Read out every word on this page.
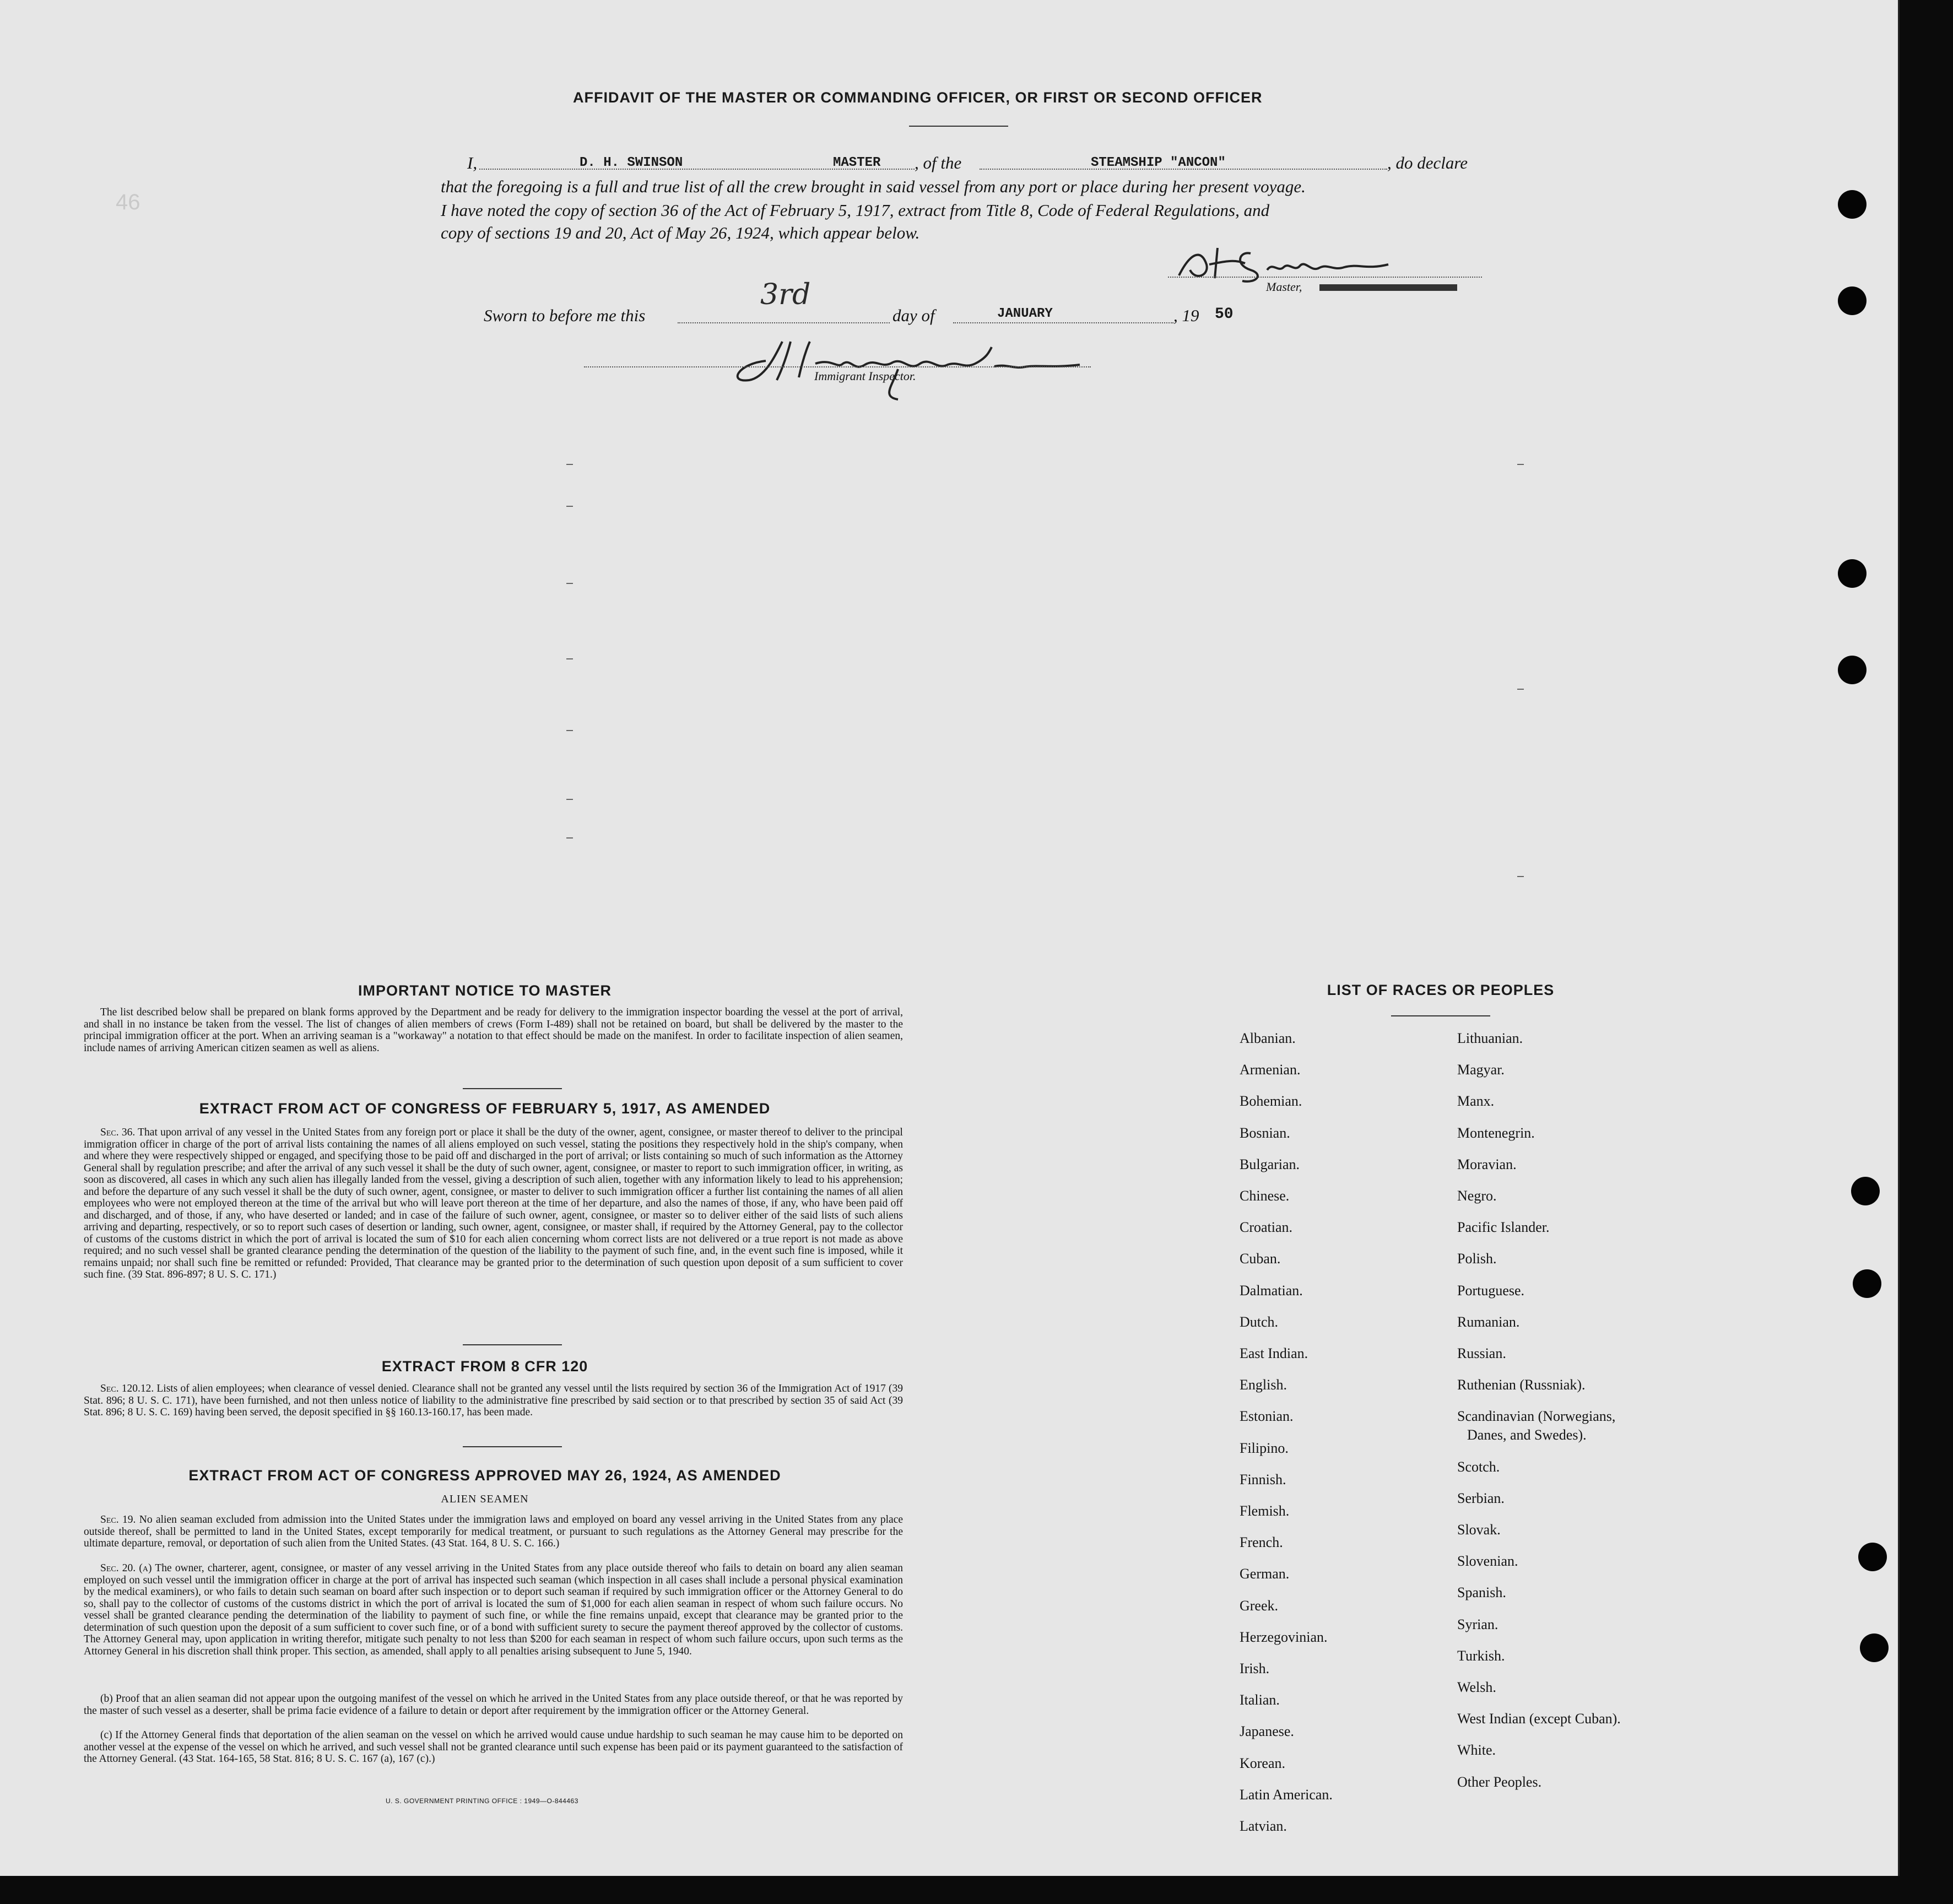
46
AFFIDAVIT OF THE MASTER OR COMMANDING OFFICER, OR FIRST OR SECOND OFFICER
I,	D. H. SWINSON	MASTER , of the	STEAMSHIP "ANCON"	, do declare
that the foregoing is a full and true list of all the crew brought in said vessel from any port or place during her present voyage.
I have noted the copy of section 36 of the Act of February 5, 1917, extract from Title 8, Code of Federal Regulations, and
copy of sections 19 and 20, Act of May 26, 1924, which appear below.
Master,
Sworn to before me this
3rd
day of	JANUARY	, 19 50
Immigrant Inspector.
IMPORTANT NOTICE TO MASTER
The list described below shall be prepared on blank forms approved by the Department and be ready for delivery to the immigration inspector boarding the vessel at the port of arrival, and shall in no instance be taken from the vessel. The list of changes of alien members of crews (Form I-489) shall not be retained on board, but shall be delivered by the master to the principal immigration officer at the port. When an arriving seaman is a "workaway" a notation to that effect should be made on the manifest. In order to facilitate inspection of alien seamen, include names of arriving American citizen seamen as well as aliens.
EXTRACT FROM ACT OF CONGRESS OF FEBRUARY 5, 1917, AS AMENDED
Sec. 36. That upon arrival of any vessel in the United States from any foreign port or place it shall be the duty of the owner, agent, consignee, or master thereof to deliver to the principal immigration officer in charge of the port of arrival lists containing the names of all aliens employed on such vessel, stating the positions they respectively hold in the ship's company, when and where they were respectively shipped or engaged, and specifying those to be paid off and discharged in the port of arrival; or lists containing so much of such information as the Attorney General shall by regulation prescribe; and after the arrival of any such vessel it shall be the duty of such owner, agent, consignee, or master to report to such immigration officer, in writing, as soon as discovered, all cases in which any such alien has illegally landed from the vessel, giving a description of such alien, together with any information likely to lead to his apprehension; and before the departure of any such vessel it shall be the duty of such owner, agent, consignee, or master to deliver to such immigration officer a further list containing the names of all alien employees who were not employed thereon at the time of the arrival but who will leave port thereon at the time of her departure, and also the names of those, if any, who have been paid off and discharged, and of those, if any, who have deserted or landed; and in case of the failure of such owner, agent, consignee, or master so to deliver either of the said lists of such aliens arriving and departing, respectively, or so to report such cases of desertion or landing, such owner, agent, consignee, or master shall, if required by the Attorney General, pay to the collector of customs of the customs district in which the port of arrival is located the sum of $10 for each alien concerning whom correct lists are not delivered or a true report is not made as above required; and no such vessel shall be granted clearance pending the determination of the question of the liability to the payment of such fine, and, in the event such fine is imposed, while it remains unpaid; nor shall such fine be remitted or refunded: Provided, That clearance may be granted prior to the determination of such question upon deposit of a sum sufficient to cover such fine. (39 Stat. 896-897; 8 U. S. C. 171.)
EXTRACT FROM 8 CFR 120
Sec. 120.12. Lists of alien employees; when clearance of vessel denied. Clearance shall not be granted any vessel until the lists required by section 36 of the Immigration Act of 1917 (39 Stat. 896; 8 U. S. C. 171), have been furnished, and not then unless notice of liability to the administrative fine prescribed by said section or to that prescribed by section 35 of said Act (39 Stat. 896; 8 U. S. C. 169) having been served, the deposit specified in §§ 160.13-160.17, has been made.
EXTRACT FROM ACT OF CONGRESS APPROVED MAY 26, 1924, AS AMENDED
ALIEN SEAMEN
Sec. 19. No alien seaman excluded from admission into the United States under the immigration laws and employed on board any vessel arriving in the United States from any place outside thereof, shall be permitted to land in the United States, except temporarily for medical treatment, or pursuant to such regulations as the Attorney General may prescribe for the ultimate departure, removal, or deportation of such alien from the United States. (43 Stat. 164, 8 U. S. C. 166.)
Sec. 20. (a) The owner, charterer, agent, consignee, or master of any vessel arriving in the United States from any place outside thereof who fails to detain on board any alien seaman employed on such vessel until the immigration officer in charge at the port of arrival has inspected such seaman (which inspection in all cases shall include a personal physical examination by the medical examiners), or who fails to detain such seaman on board after such inspection or to deport such seaman if required by such immigration officer or the Attorney General to do so, shall pay to the collector of customs of the customs district in which the port of arrival is located the sum of $1,000 for each alien seaman in respect of whom such failure occurs. No vessel shall be granted clearance pending the determination of the liability to payment of such fine, or while the fine remains unpaid, except that clearance may be granted prior to the determination of such question upon the deposit of a sum sufficient to cover such fine, or of a bond with sufficient surety to secure the payment thereof approved by the collector of customs. The Attorney General may, upon application in writing therefor, mitigate such penalty to not less than $200 for each seaman in respect of whom such failure occurs, upon such terms as the Attorney General in his discretion shall think proper. This section, as amended, shall apply to all penalties arising subsequent to June 5, 1940.
(b) Proof that an alien seaman did not appear upon the outgoing manifest of the vessel on which he arrived in the United States from any place outside thereof, or that he was reported by the master of such vessel as a deserter, shall be prima facie evidence of a failure to detain or deport after requirement by the immigration officer or the Attorney General.
(c) If the Attorney General finds that deportation of the alien seaman on the vessel on which he arrived would cause undue hardship to such seaman he may cause him to be deported on another vessel at the expense of the vessel on which he arrived, and such vessel shall not be granted clearance until such expense has been paid or its payment guaranteed to the satisfaction of the Attorney General. (43 Stat. 164-165, 58 Stat. 816; 8 U. S. C. 167 (a), 167 (c).)
U. S. GOVERNMENT PRINTING OFFICE : 1949—O-844463
LIST OF RACES OR PEOPLES
Albanian.
Armenian.
Bohemian.
Bosnian.
Bulgarian.
Chinese.
Croatian.
Cuban.
Dalmatian.
Dutch.
East Indian.
English.
Estonian.
Filipino.
Finnish.
Flemish.
French.
German.
Greek.
Herzegovinian.
Irish.
Italian.
Japanese.
Korean.
Latin American.
Latvian.
Lithuanian.
Magyar.
Manx.
Montenegrin.
Moravian.
Negro.
Pacific Islander.
Polish.
Portuguese.
Rumanian.
Russian.
Ruthenian (Russniak).
Scandinavian (Norwegians,
Danes, and Swedes).
Scotch.
Serbian.
Slovak.
Slovenian.
Spanish.
Syrian.
Turkish.
Welsh.
West Indian (except Cuban).
White.
Other Peoples.
